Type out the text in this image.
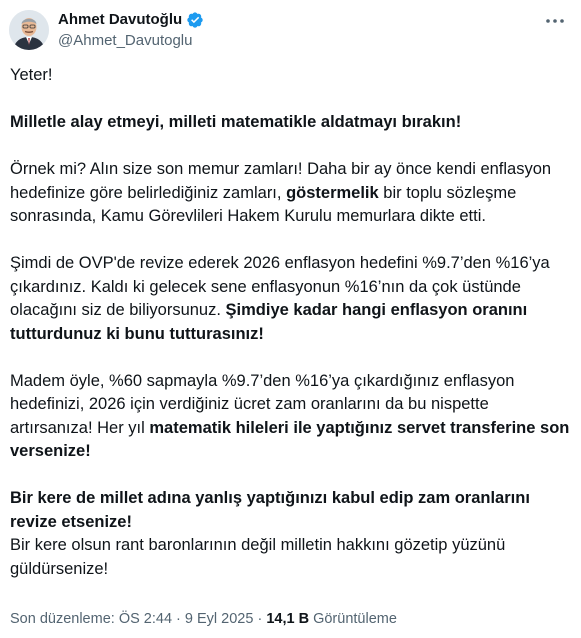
Ahmet Davutoğlu
@Ahmet_Davutoglu

Yeter!

Milletle alay etmeyi, milleti matematikle aldatmayı bırakın!

Örnek mi? Alın size son memur zamları! Daha bir ay önce kendi enflasyon hedefinize göre belirlediğiniz zamları, göstermelik bir toplu sözleşme sonrasında, Kamu Görevlileri Hakem Kurulu memurlara dikte etti.

Şimdi de OVP'de revize ederek 2026 enflasyon hedefini %9.7’den %16’ya çıkardınız. Kaldı ki gelecek sene enflasyonun %16’nın da çok üstünde olacağını siz de biliyorsunuz. Şimdiye kadar hangi enflasyon oranını tutturdunuz ki bunu tutturasınız!

Madem öyle, %60 sapmayla %9.7’den %16’ya çıkardığınız enflasyon hedefinizi, 2026 için verdiğiniz ücret zam oranlarını da bu nispette artırsanıza! Her yıl matematik hileleri ile yaptığınız servet transferine son versenize!

Bir kere de millet adına yanlış yaptığınızı kabul edip zam oranlarını revize etsenize!
Bir kere olsun rant baronlarının değil milletin hakkını gözetip yüzünü güldürsenize!

Son düzenleme: ÖS 2:44 · 9 Eyl 2025 · 14,1 B Görüntüleme
